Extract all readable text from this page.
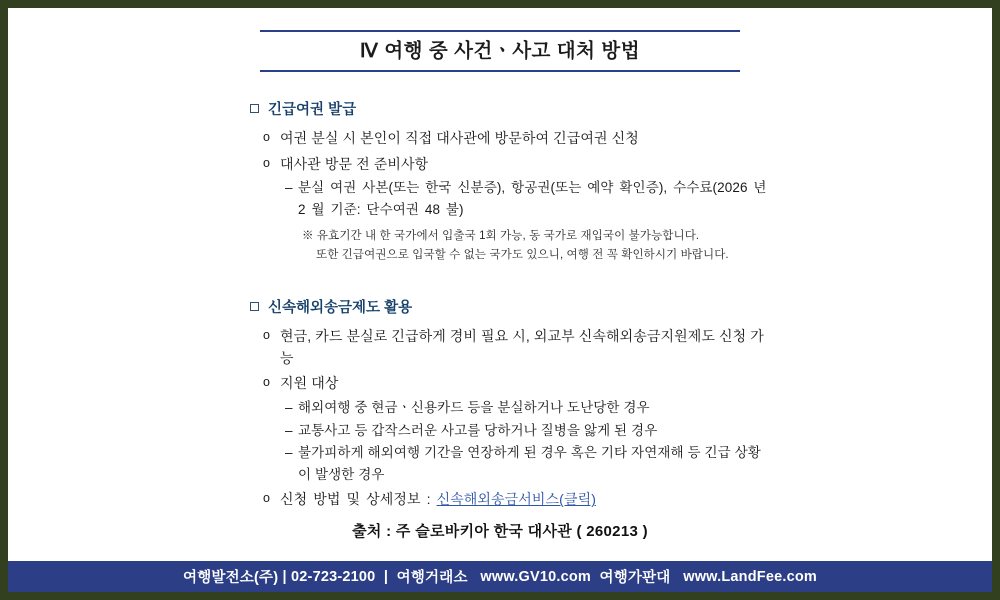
Ⅳ 여행 중 사건ㆍ사고 대처 방법
긴급여권 발급
o 여권 분실 시 본인이 직접 대사관에 방문하여 긴급여권 신청
o 대사관 방문 전 준비사항
– 분실 여권 사본(또는 한국 신분증), 항공권(또는 예약 확인증), 수수료(2026 년 2 월 기준: 단수여권 48 불)
※ 유효기간 내 한 국가에서 입출국 1회 가능, 동 국가로 재입국이 불가능합니다.
또한 긴급여권으로 입국할 수 없는 국가도 있으니, 여행 전 꼭 확인하시기 바랍니다.
신속해외송금제도 활용
o 현금, 카드 분실로 긴급하게 경비 필요 시, 외교부 신속해외송금지원제도 신청 가능
o 지원 대상
– 해외여행 중 현금ㆍ신용카드 등을 분실하거나 도난당한 경우
– 교통사고 등 갑작스러운 사고를 당하거나 질병을 앓게 된 경우
– 불가피하게 해외여행 기간을 연장하게 된 경우 혹은 기타 자연재해 등 긴급 상황이 발생한 경우
o 신청 방법 및 상세정보 : 신속해외송금서비스(클릭)
출처 : 주 슬로바키아 한국 대사관 ( 260213 )
여행발전소(주) | 02-723-2100 | 여행거래소
www.GV10.com
여행가판대
www.LandFee.com
